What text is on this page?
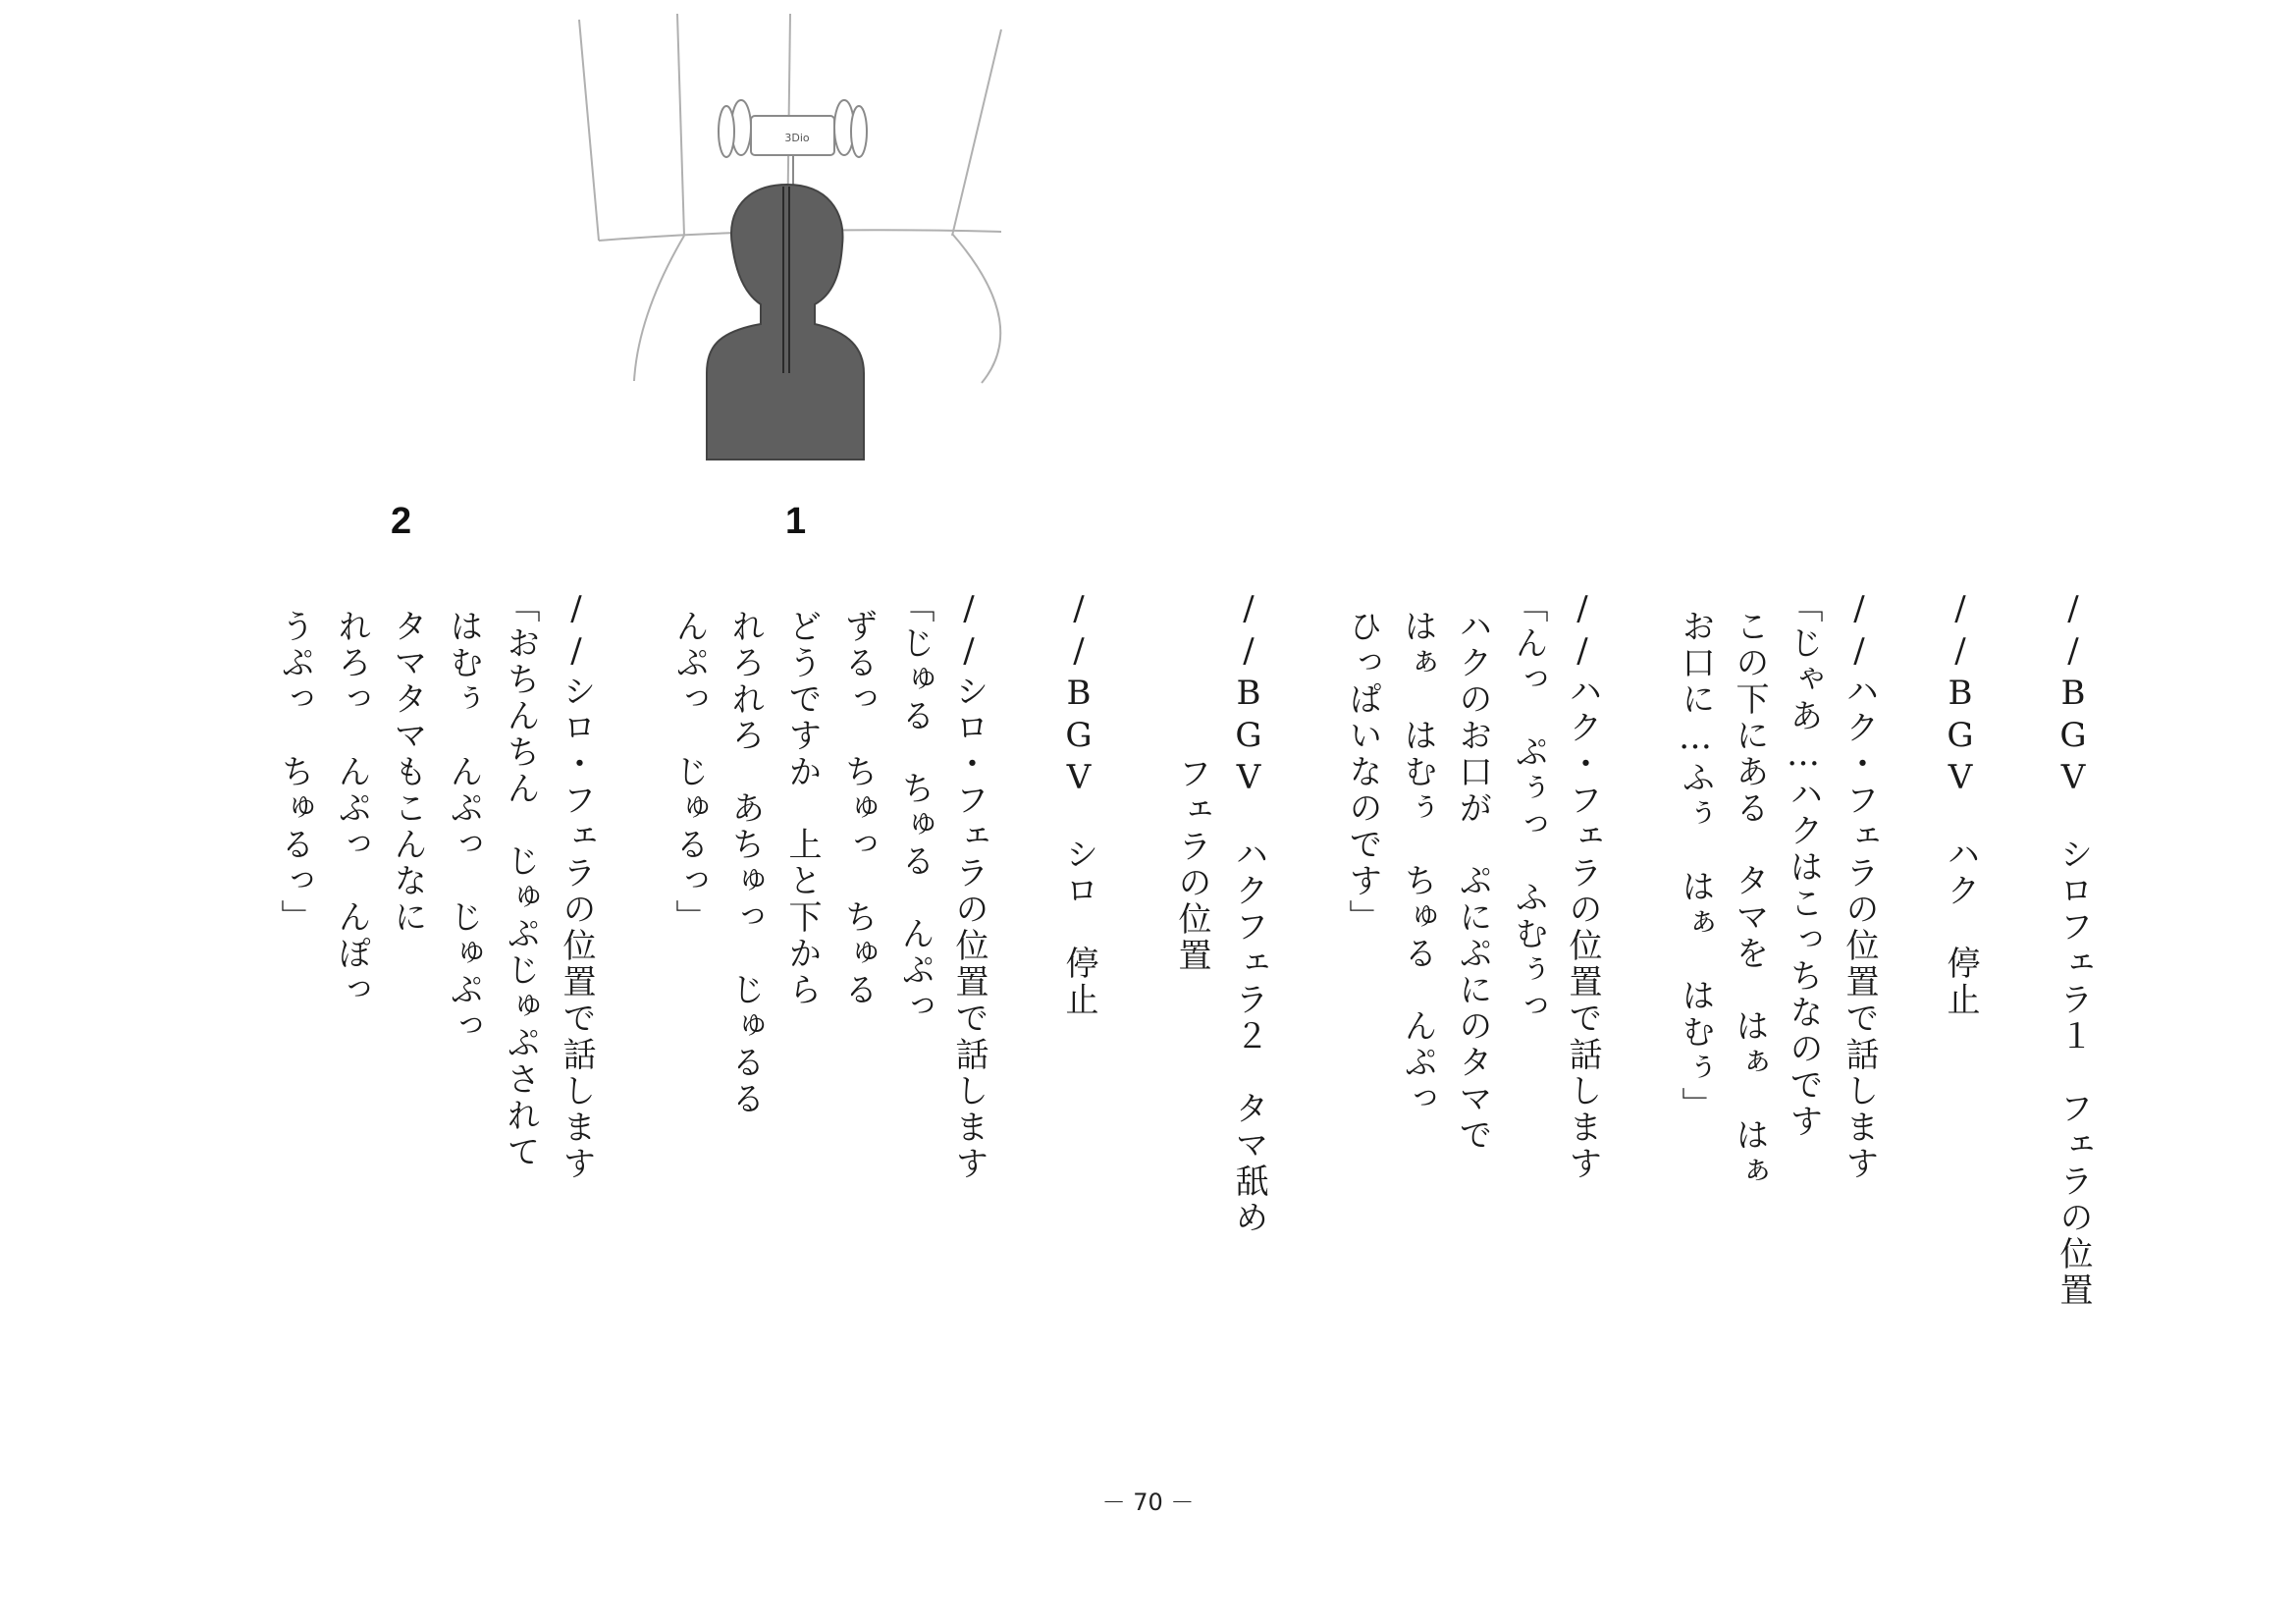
3Dio
2	1
//BGV　シロフェラ１　フェラの位置
//BGV　ハク　停止
//ハク・フェラの位置で話します
「じゃあ…ハクはこっちなのです
この下にある　タマを　はぁ　はぁ
お口に…ふぅ　はぁ　はむぅ」
//ハク・フェラの位置で話します
「んっ　ぷぅっ　ふむぅっ
ハクのお口が　ぷにぷにのタマで
はぁ　はむぅ　ちゅる　んぷっ
ひっぱいなのです」
//BGV　ハクフェラ２　タマ舐め
フェラの位置
//BGV　シロ　停止
//シロ・フェラの位置で話します
「じゅる　ちゅる　んぷっ
ずるっ　ちゅっ　ちゅる
どうですか　上と下から
れろれろ　あちゅっ　じゅるる
んぷっ　じゅるっ」
//シロ・フェラの位置で話します
「おちんちん　じゅぷじゅぷされて
はむぅ　んぷっ　じゅぷっ
タマタマもこんなに
れろっ　んぷっ　んぽっ
うぷっ　ちゅるっ」
－ 70 －
